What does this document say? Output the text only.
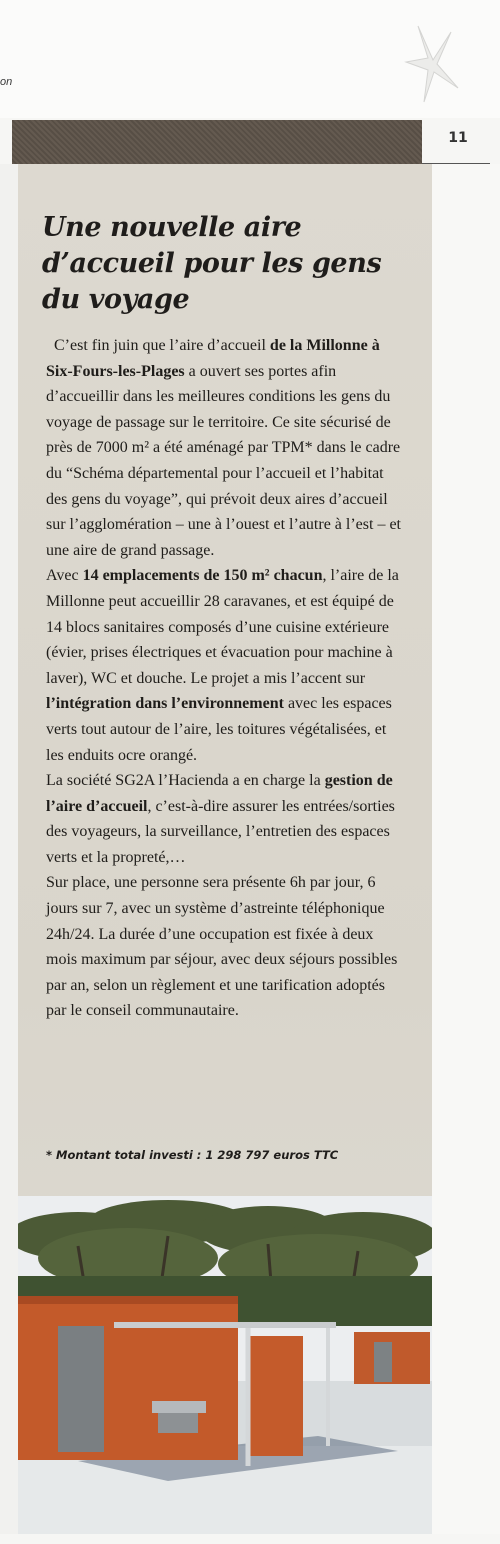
on
11
Une nouvelle aire d’accueil pour les gens du voyage

C’est fin juin que l’aire d’accueil de la Millonne à Six-Fours-les-Plages a ouvert ses portes afin d’accueillir dans les meilleures conditions les gens du voyage de passage sur le territoire. Ce site sécurisé de près de 7000 m² a été aménagé par TPM* dans le cadre du “Schéma départemental pour l’accueil et l’habitat des gens du voyage”, qui prévoit deux aires d’accueil sur l’agglomération – une à l’ouest et l’autre à l’est – et une aire de grand passage.

Avec 14 emplacements de 150 m² chacun, l’aire de la Millonne peut accueillir 28 caravanes, et est équipé de 14 blocs sanitaires composés d’une cuisine extérieure (évier, prises électriques et évacuation pour machine à laver), WC et douche. Le projet a mis l’accent sur l’intégration dans l’environnement avec les espaces verts tout autour de l’aire, les toitures végétalisées, et les enduits ocre orangé.

La société SG2A l’Hacienda a en charge la gestion de l’aire d’accueil, c’est-à-dire assurer les entrées/sorties des voyageurs, la surveillance, l’entretien des espaces verts et la propreté,…

Sur place, une personne sera présente 6h par jour, 6 jours sur 7, avec un système d’astreinte téléphonique 24h/24. La durée d’une occupation est fixée à deux mois maximum par séjour, avec deux séjours possibles par an, selon un règlement et une tarification adoptés par le conseil communautaire.

* Montant total investi : 1 298 797 euros TTC
